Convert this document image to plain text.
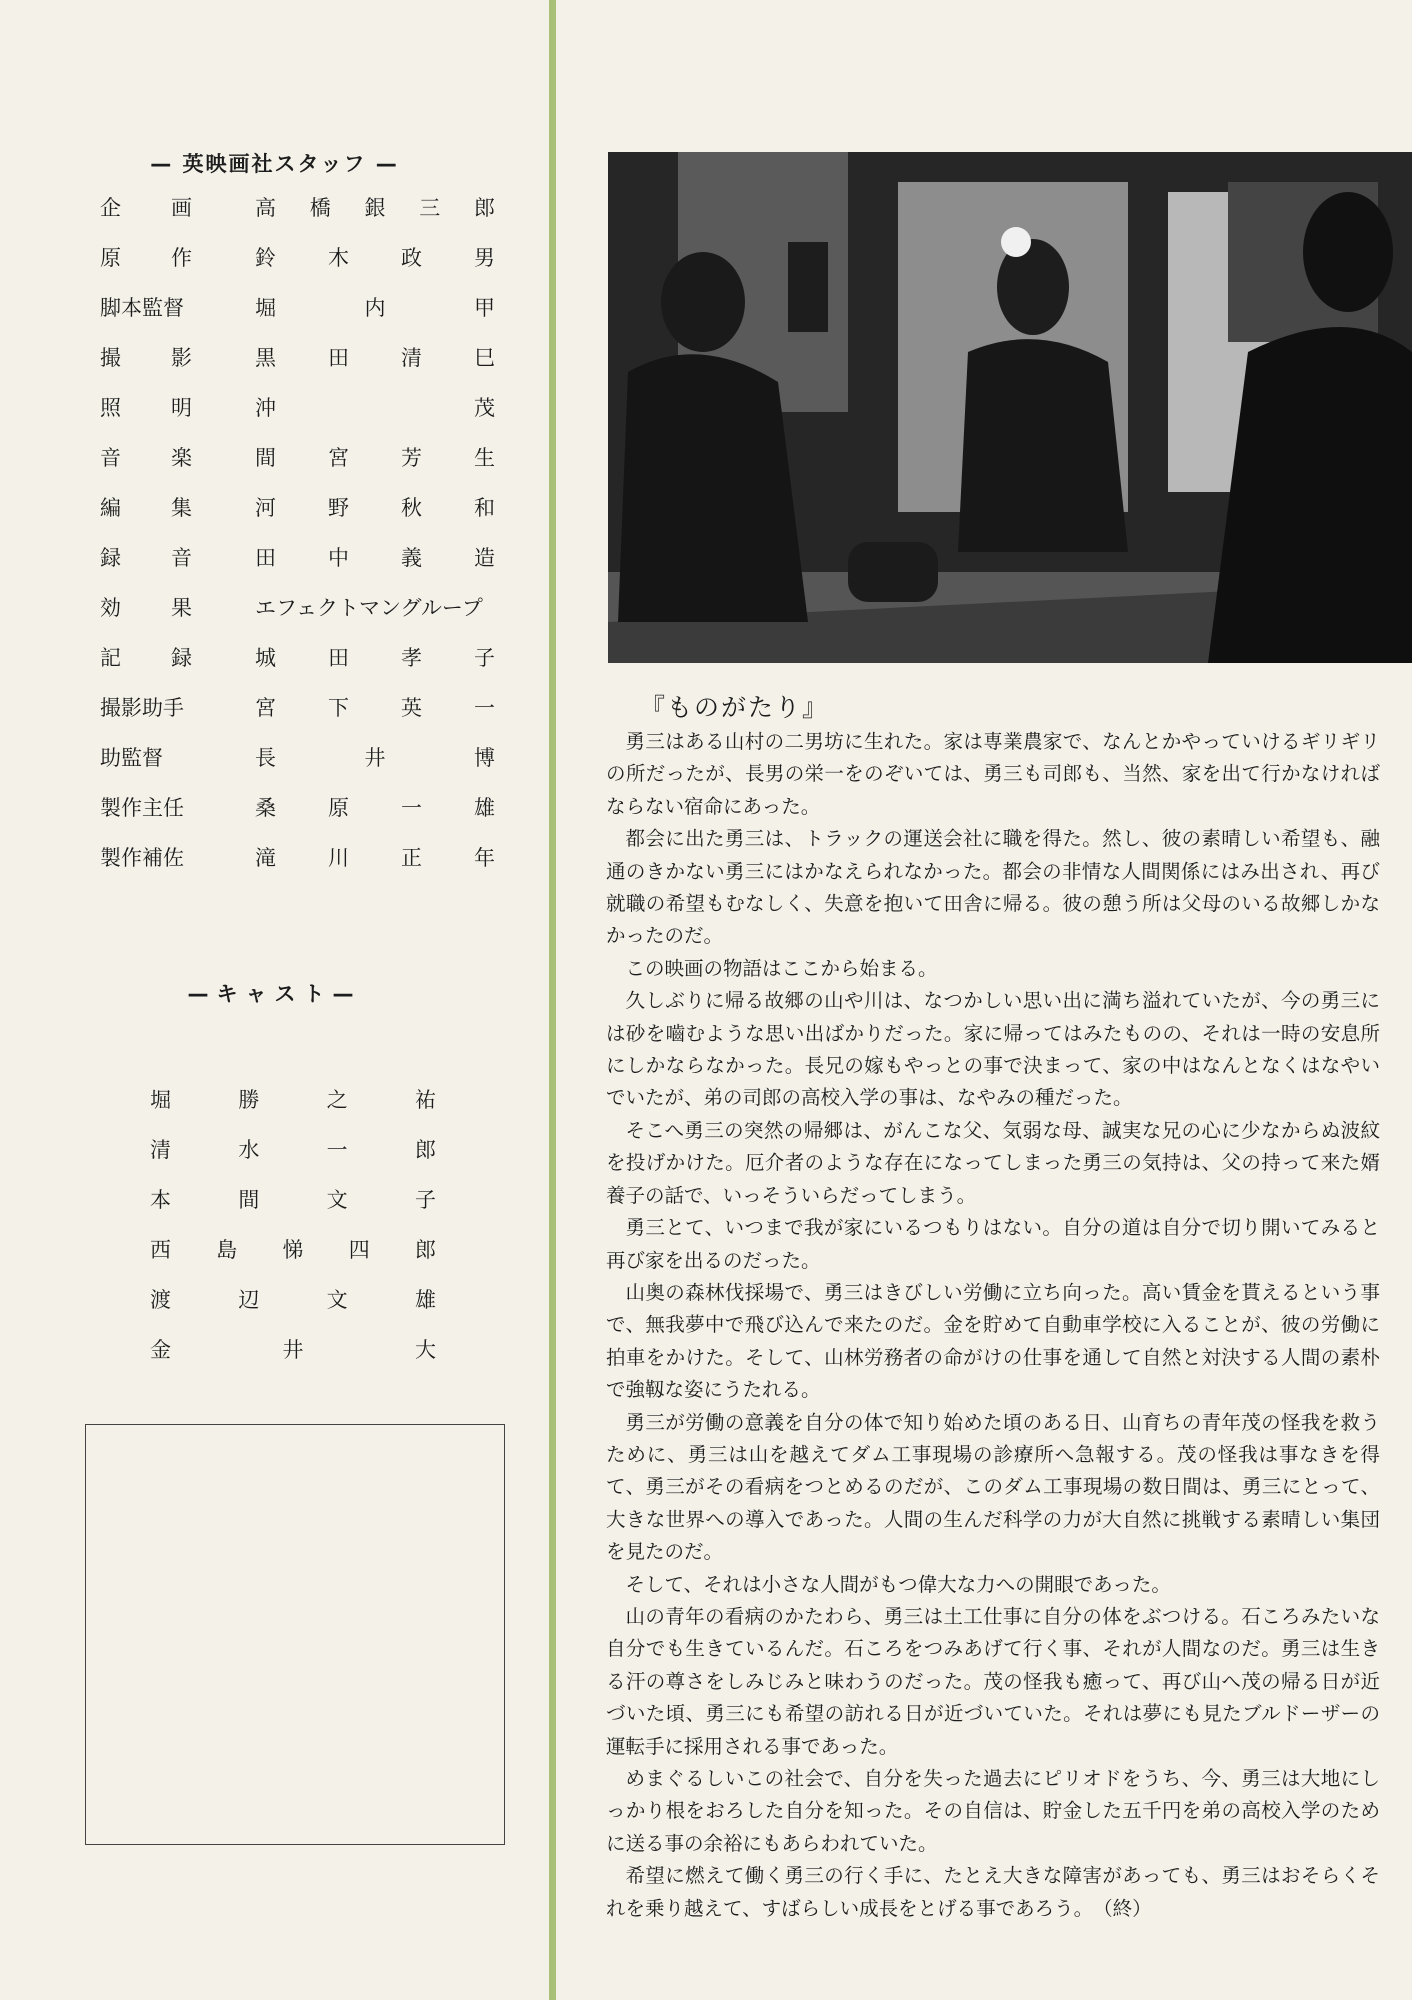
— 英映画社スタッフ —
企 画	高 橋 銀 三 郎
原 作	鈴 木 政 男
脚本監督	堀	内	甲
撮 影	黒 田 清 巳
照 明	沖	茂
音 楽	間 宮 芳 生
編 集	河 野 秋 和
録 音	田 中 義 造
効 果	エフェクトマングループ
記 録	城 田 孝 子
撮影助手	宮 下 英 一
助監督	長	井	博
製作主任	桑 原 一 雄
製作補佐	滝 川 正 年
—キャスト—
堀	勝	之	祐
清	水	一	郎
本	間	文	子
西 島 悌 四 郎
渡	辺	文	雄
金	井	大
『ものがたり』

勇三はある山村の二男坊に生れた。家は専業農家で、なんとかやっていけるギリギリの所だったが、長男の栄一をのぞいては、勇三も司郎も、当然、家を出て行かなければならない宿命にあった。

都会に出た勇三は、トラックの運送会社に職を得た。然し、彼の素晴しい希望も、融通のきかない勇三にはかなえられなかった。都会の非情な人間関係にはみ出され、再び就職の希望もむなしく、失意を抱いて田舎に帰る。彼の憩う所は父母のいる故郷しかなかったのだ。

この映画の物語はここから始まる。

久しぶりに帰る故郷の山や川は、なつかしい思い出に満ち溢れていたが、今の勇三には砂を嚙むような思い出ばかりだった。家に帰ってはみたものの、それは一時の安息所にしかならなかった。長兄の嫁もやっとの事で決まって、家の中はなんとなくはなやいでいたが、弟の司郎の高校入学の事は、なやみの種だった。

そこへ勇三の突然の帰郷は、がんこな父、気弱な母、誠実な兄の心に少なからぬ波紋を投げかけた。厄介者のような存在になってしまった勇三の気持は、父の持って来た婿養子の話で、いっそういらだってしまう。

勇三とて、いつまで我が家にいるつもりはない。自分の道は自分で切り開いてみると再び家を出るのだった。

山奥の森林伐採場で、勇三はきびしい労働に立ち向った。高い賃金を貰えるという事で、無我夢中で飛び込んで来たのだ。金を貯めて自動車学校に入ることが、彼の労働に拍車をかけた。そして、山林労務者の命がけの仕事を通して自然と対決する人間の素朴で強靱な姿にうたれる。

勇三が労働の意義を自分の体で知り始めた頃のある日、山育ちの青年茂の怪我を救うために、勇三は山を越えてダム工事現場の診療所へ急報する。茂の怪我は事なきを得て、勇三がその看病をつとめるのだが、このダム工事現場の数日間は、勇三にとって、大きな世界への導入であった。人間の生んだ科学の力が大自然に挑戦する素晴しい集団を見たのだ。

そして、それは小さな人間がもつ偉大な力への開眼であった。

山の青年の看病のかたわら、勇三は土工仕事に自分の体をぶつける。石ころみたいな自分でも生きているんだ。石ころをつみあげて行く事、それが人間なのだ。勇三は生きる汗の尊さをしみじみと味わうのだった。茂の怪我も癒って、再び山へ茂の帰る日が近づいた頃、勇三にも希望の訪れる日が近づいていた。それは夢にも見たブルドーザーの運転手に採用される事であった。

めまぐるしいこの社会で、自分を失った過去にピリオドをうち、今、勇三は大地にしっかり根をおろした自分を知った。その自信は、貯金した五千円を弟の高校入学のために送る事の余裕にもあらわれていた。

希望に燃えて働く勇三の行く手に、たとえ大きな障害があっても、勇三はおそらくそれを乗り越えて、すばらしい成長をとげる事であろう。　（終）
